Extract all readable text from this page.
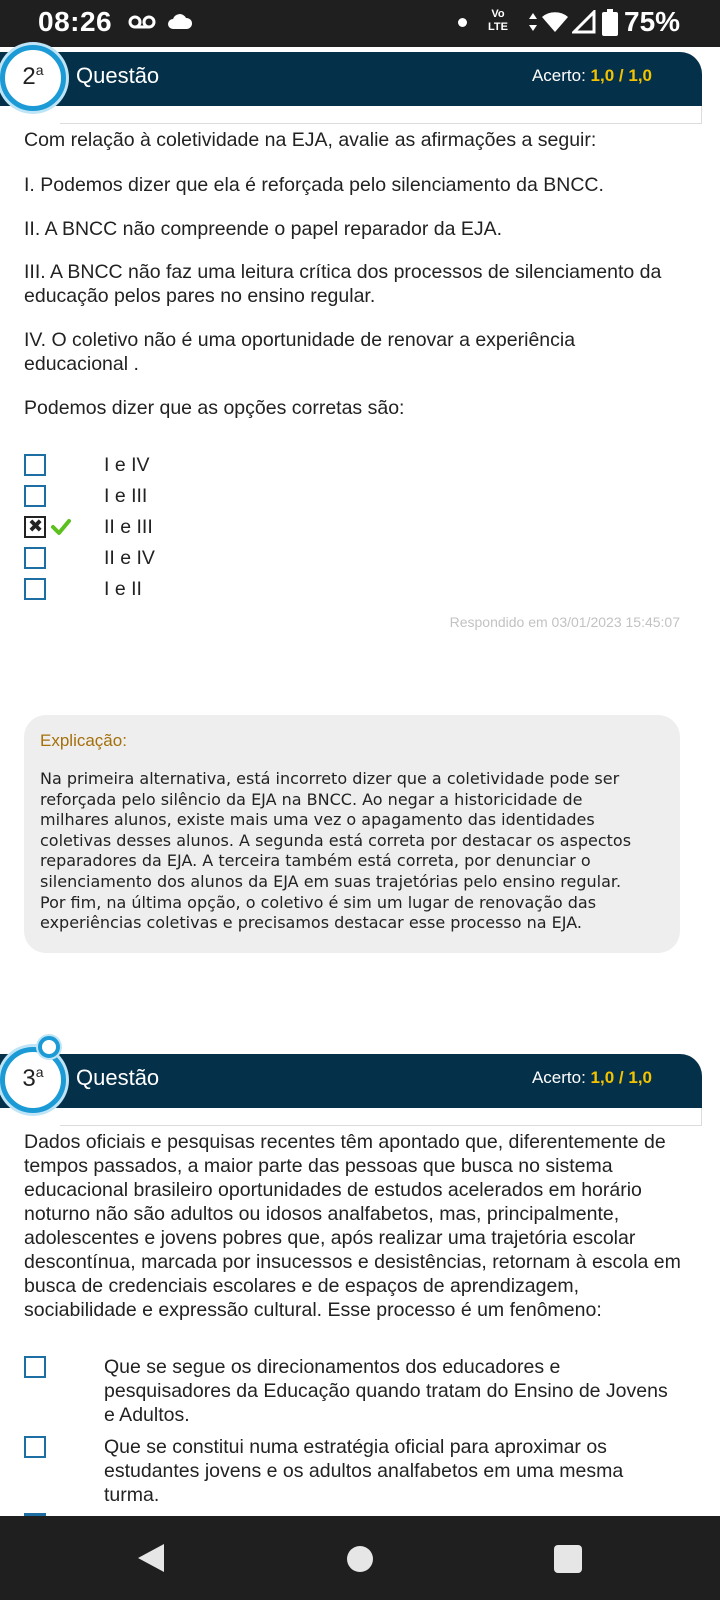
08:26	Vo
LTE	75%
Questão	Acerto: 1,0 / 1,0
2$^a$
Com relação à coletividade na EJA, avalie as afirmações a seguir:
I. Podemos dizer que ela é reforçada pelo silenciamento da BNCC.
II. A BNCC não compreende o papel reparador da EJA.
III. A BNCC não faz uma leitura crítica dos processos de silenciamento da educação pelos pares no ensino regular.
IV. O coletivo não é uma oportunidade de renovar a experiência educacional .
Podemos dizer que as opções corretas são:
I e IV
I e III
✖	II e III
II e IV
I e II
Respondido em 03/01/2023 15:45:07
Explicação:
Na primeira alternativa, está incorreto dizer que a coletividade pode ser reforçada pelo silêncio da EJA na BNCC. Ao negar a historicidade de milhares alunos, existe mais uma vez o apagamento das identidades coletivas desses alunos. A segunda está correta por destacar os aspectos reparadores da EJA. A terceira também está correta, por denunciar o silenciamento dos alunos da EJA em suas trajetórias pelo ensino regular. Por fim, na última opção, o coletivo é sim um lugar de renovação das experiências coletivas e precisamos destacar esse processo na EJA.
Questão	Acerto: 1,0 / 1,0
3$^a$
Dados oficiais e pesquisas recentes têm apontado que, diferentemente de tempos passados, a maior parte das pessoas que busca no sistema educacional brasileiro oportunidades de estudos acelerados em horário noturno não são adultos ou idosos analfabetos, mas, principalmente, adolescentes e jovens pobres que, após realizar uma trajetória escolar descontínua, marcada por insucessos e desistências, retornam à escola em busca de credenciais escolares e de espaços de aprendizagem, sociabilidade e expressão cultural. Esse processo é um fenômeno:
Que se segue os direcionamentos dos educadores e pesquisadores da Educação quando tratam do Ensino de Jovens e Adultos.
Que se constitui numa estratégia oficial para aproximar os estudantes jovens e os adultos analfabetos em uma mesma turma.
